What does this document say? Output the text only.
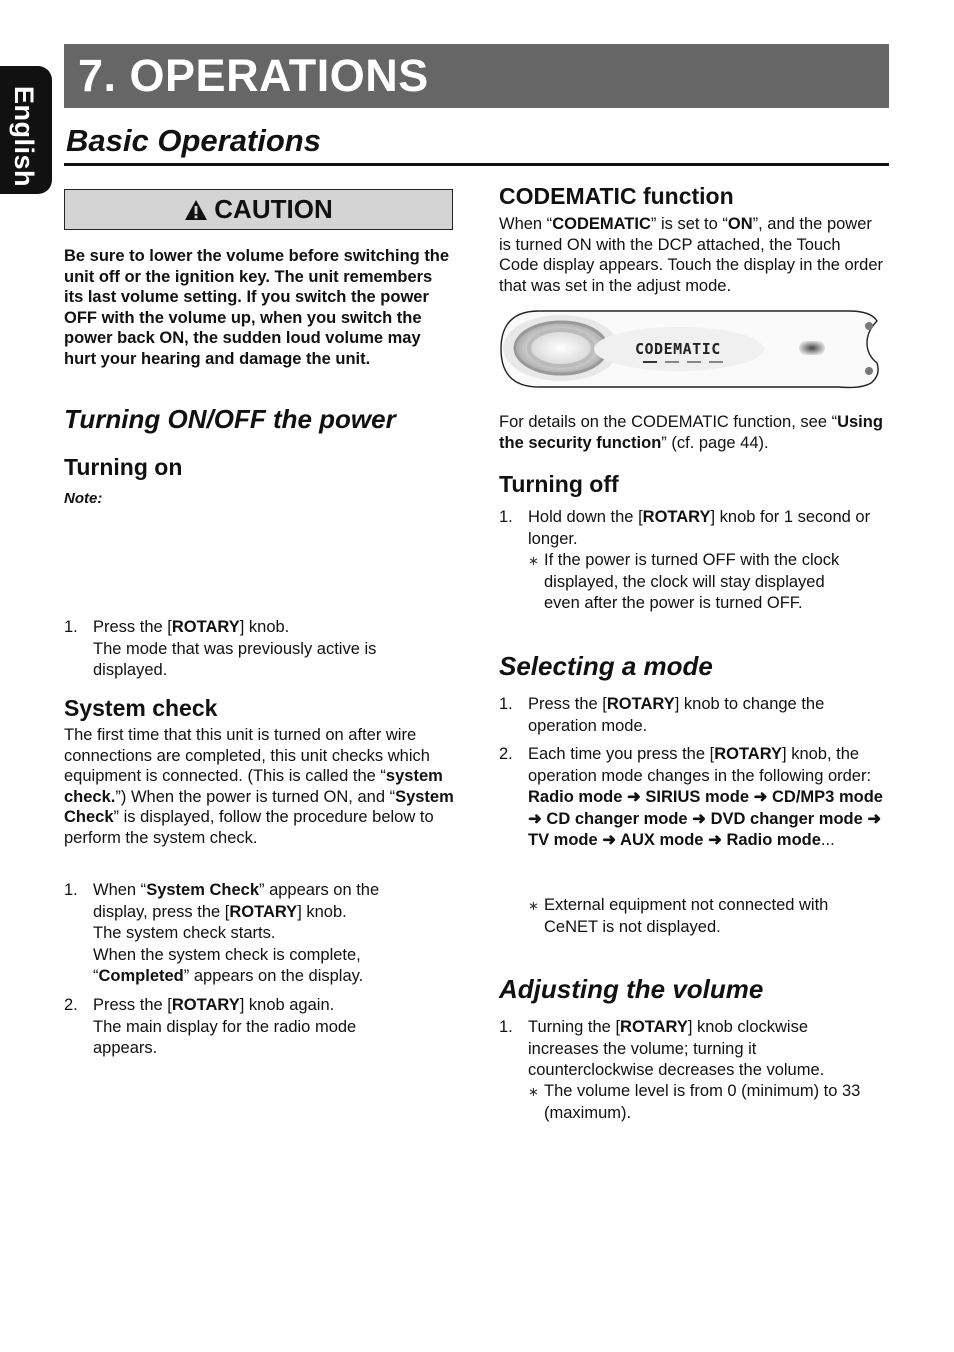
English
7. OPERATIONS
Basic Operations
CAUTION
Be sure to lower the volume before switching the unit off or the ignition key. The unit remembers its last volume setting. If you switch the power OFF with the volume up, when you switch the power back ON, the sudden loud volume may hurt your hearing and damage the unit.
Turning ON/OFF the power
Turning on
Note:
1. Press the [ROTARY] knob.
The mode that was previously active is displayed.
System check
The first time that this unit is turned on after wire connections are completed, this unit checks which equipment is connected. (This is called the “system check.”) When the power is turned ON, and “System Check” is displayed, follow the procedure below to perform the system check.
1. When “System Check” appears on the display, press the [ROTARY] knob.
The system check starts.
When the system check is complete, “Completed” appears on the display.
2. Press the [ROTARY] knob again.
The main display for the radio mode appears.
CODEMATIC function
When “CODEMATIC” is set to “ON”, and the power is turned ON with the DCP attached, the Touch Code display appears. Touch the display in the order that was set in the adjust mode.
CODEMATIC
For details on the CODEMATIC function, see “Using the security function” (cf. page 44).
Turning off
1. Hold down the [ROTARY] knob for 1 second or longer.
∗ If the power is turned OFF with the clock displayed, the clock will stay displayed even after the power is turned OFF.
Selecting a mode
1. Press the [ROTARY] knob to change the operation mode.
2. Each time you press the [ROTARY] knob, the operation mode changes in the following order:
Radio mode ➜ SIRIUS mode ➜ CD/MP3 mode ➜ CD changer mode ➜ DVD changer mode ➜ TV mode ➜ AUX mode ➜ Radio mode...
∗ External equipment not connected with CeNET is not displayed.
Adjusting the volume
1. Turning the [ROTARY] knob clockwise increases the volume; turning it counterclockwise decreases the volume.
∗ The volume level is from 0 (minimum) to 33 (maximum).
